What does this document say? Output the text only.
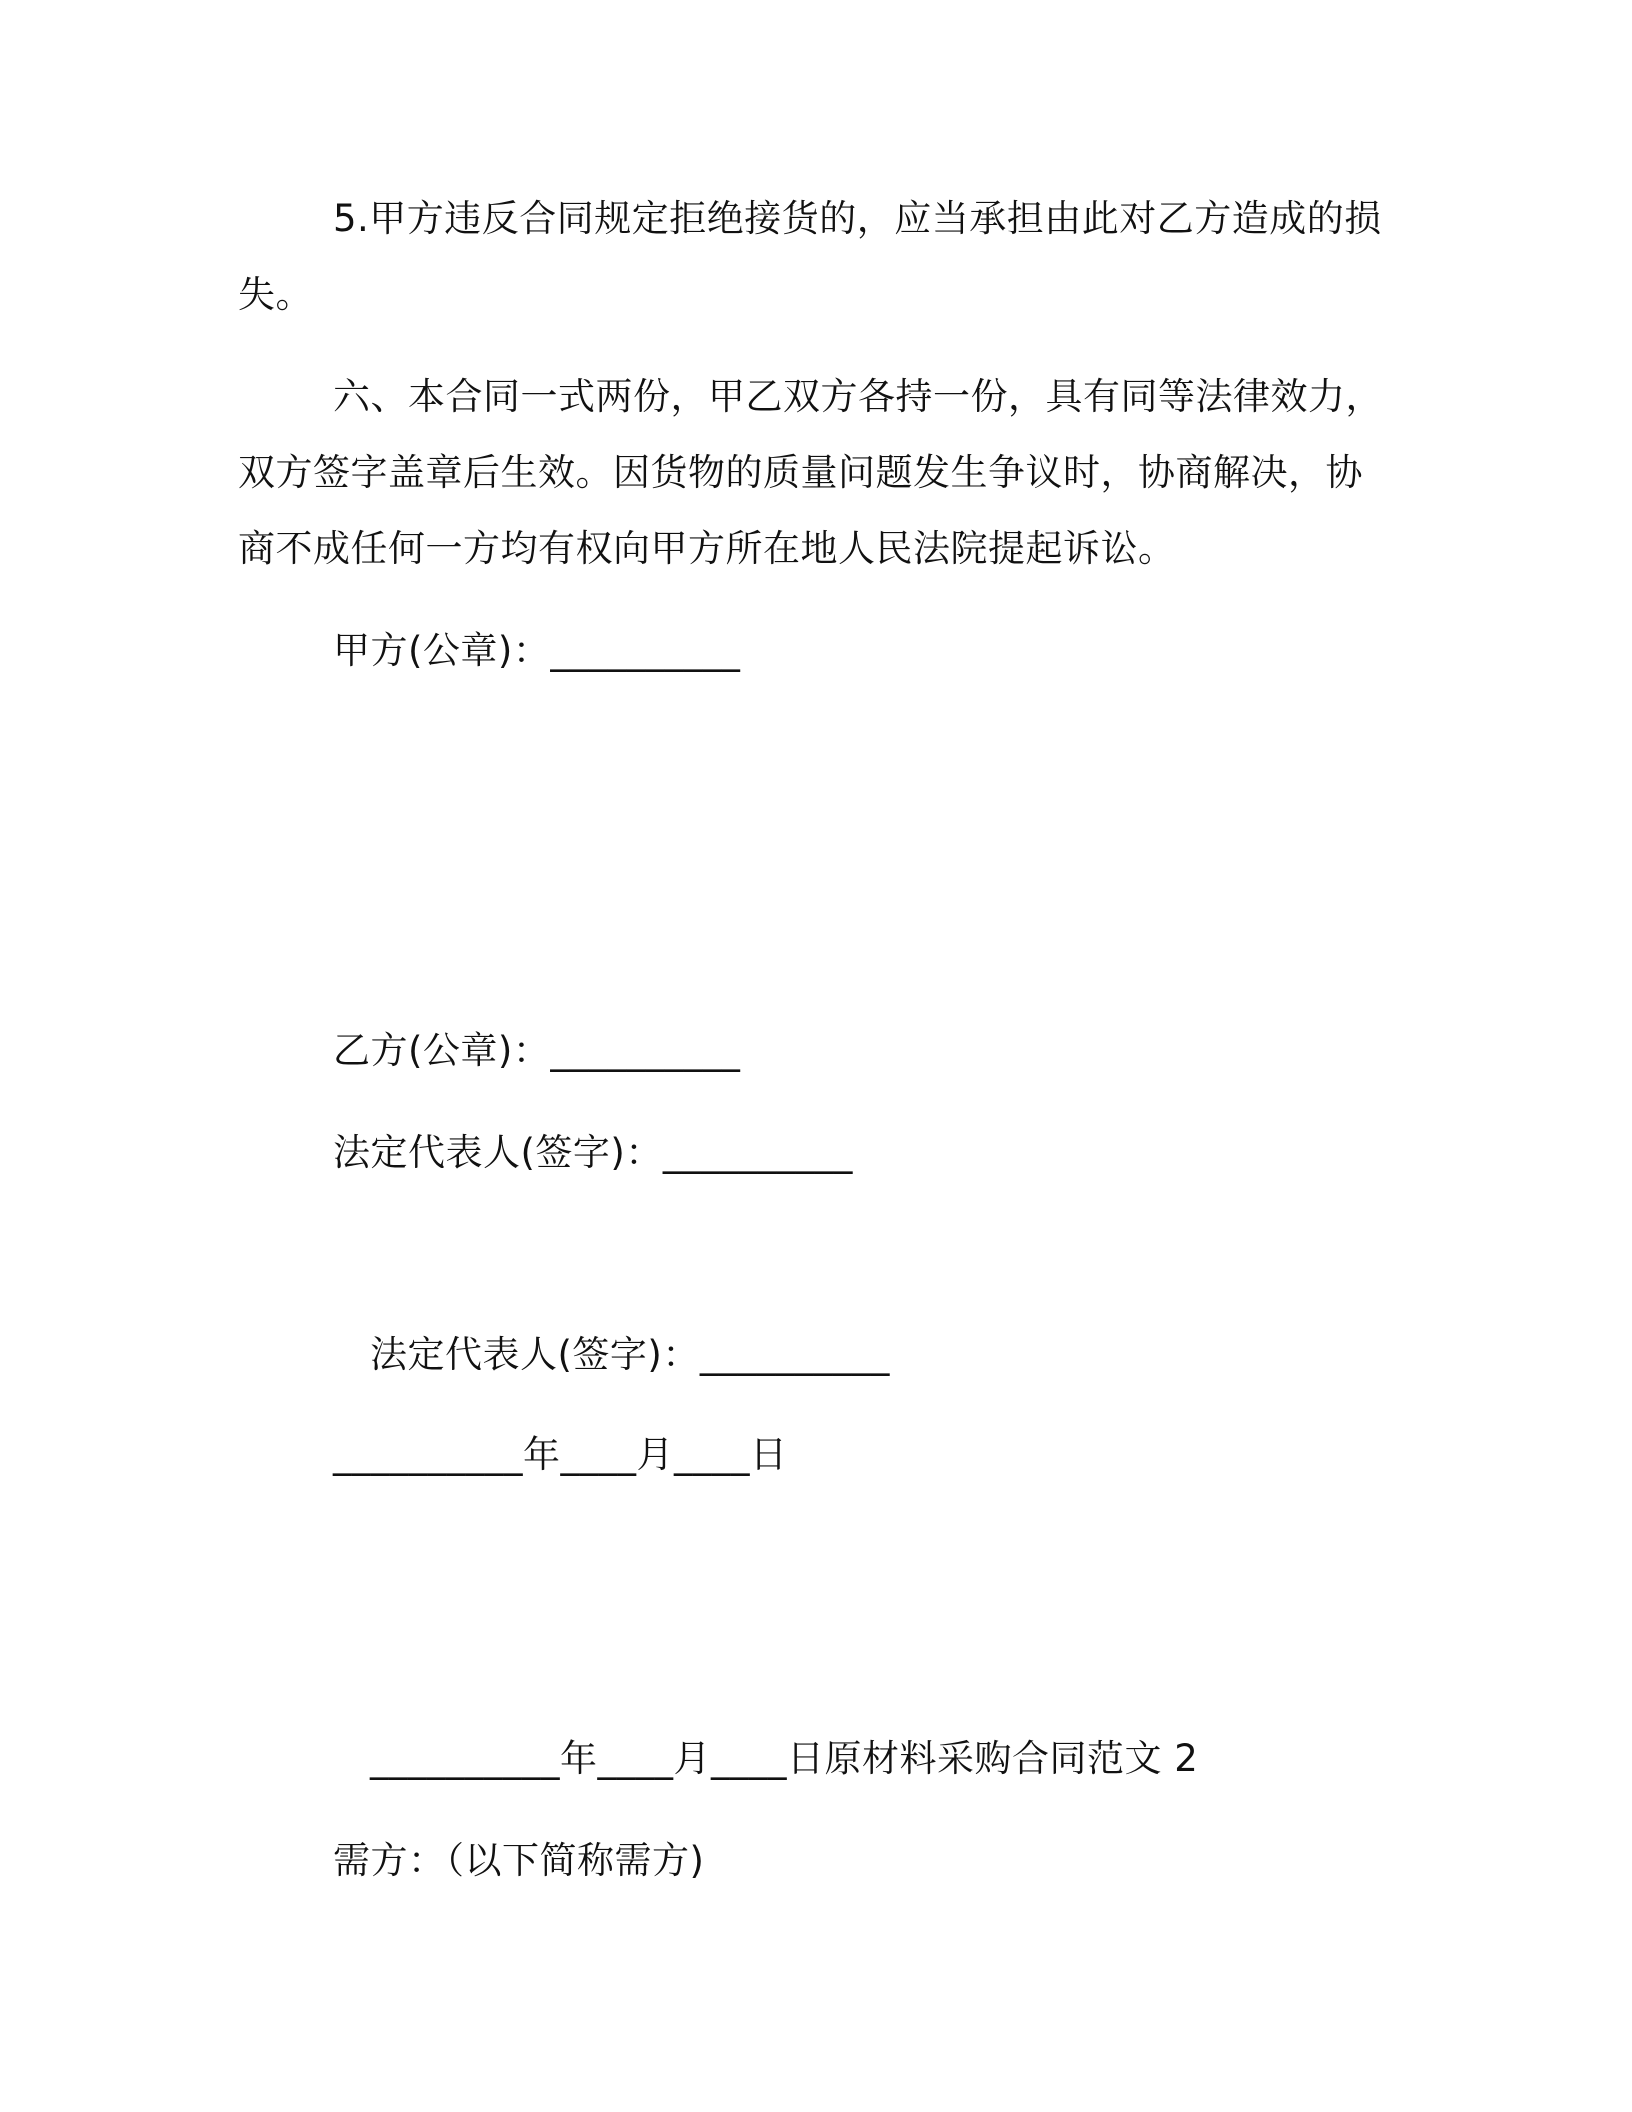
5.甲方违反合同规定拒绝接货的，应当承担由此对乙方造成的损
失。
六、本合同一式两份，甲乙双方各持一份，具有同等法律效力，
双方签字盖章后生效。因货物的质量问题发生争议时，协商解决，协
商不成任何一方均有权向甲方所在地人民法院提起诉讼。
甲方(公章)：__________
乙方(公章)：__________
法定代表人(签字)：__________
法定代表人(签字)：__________
__________年____月____日
__________年____月____日原材料采购合同范文 2
需方：（以下简称需方)
